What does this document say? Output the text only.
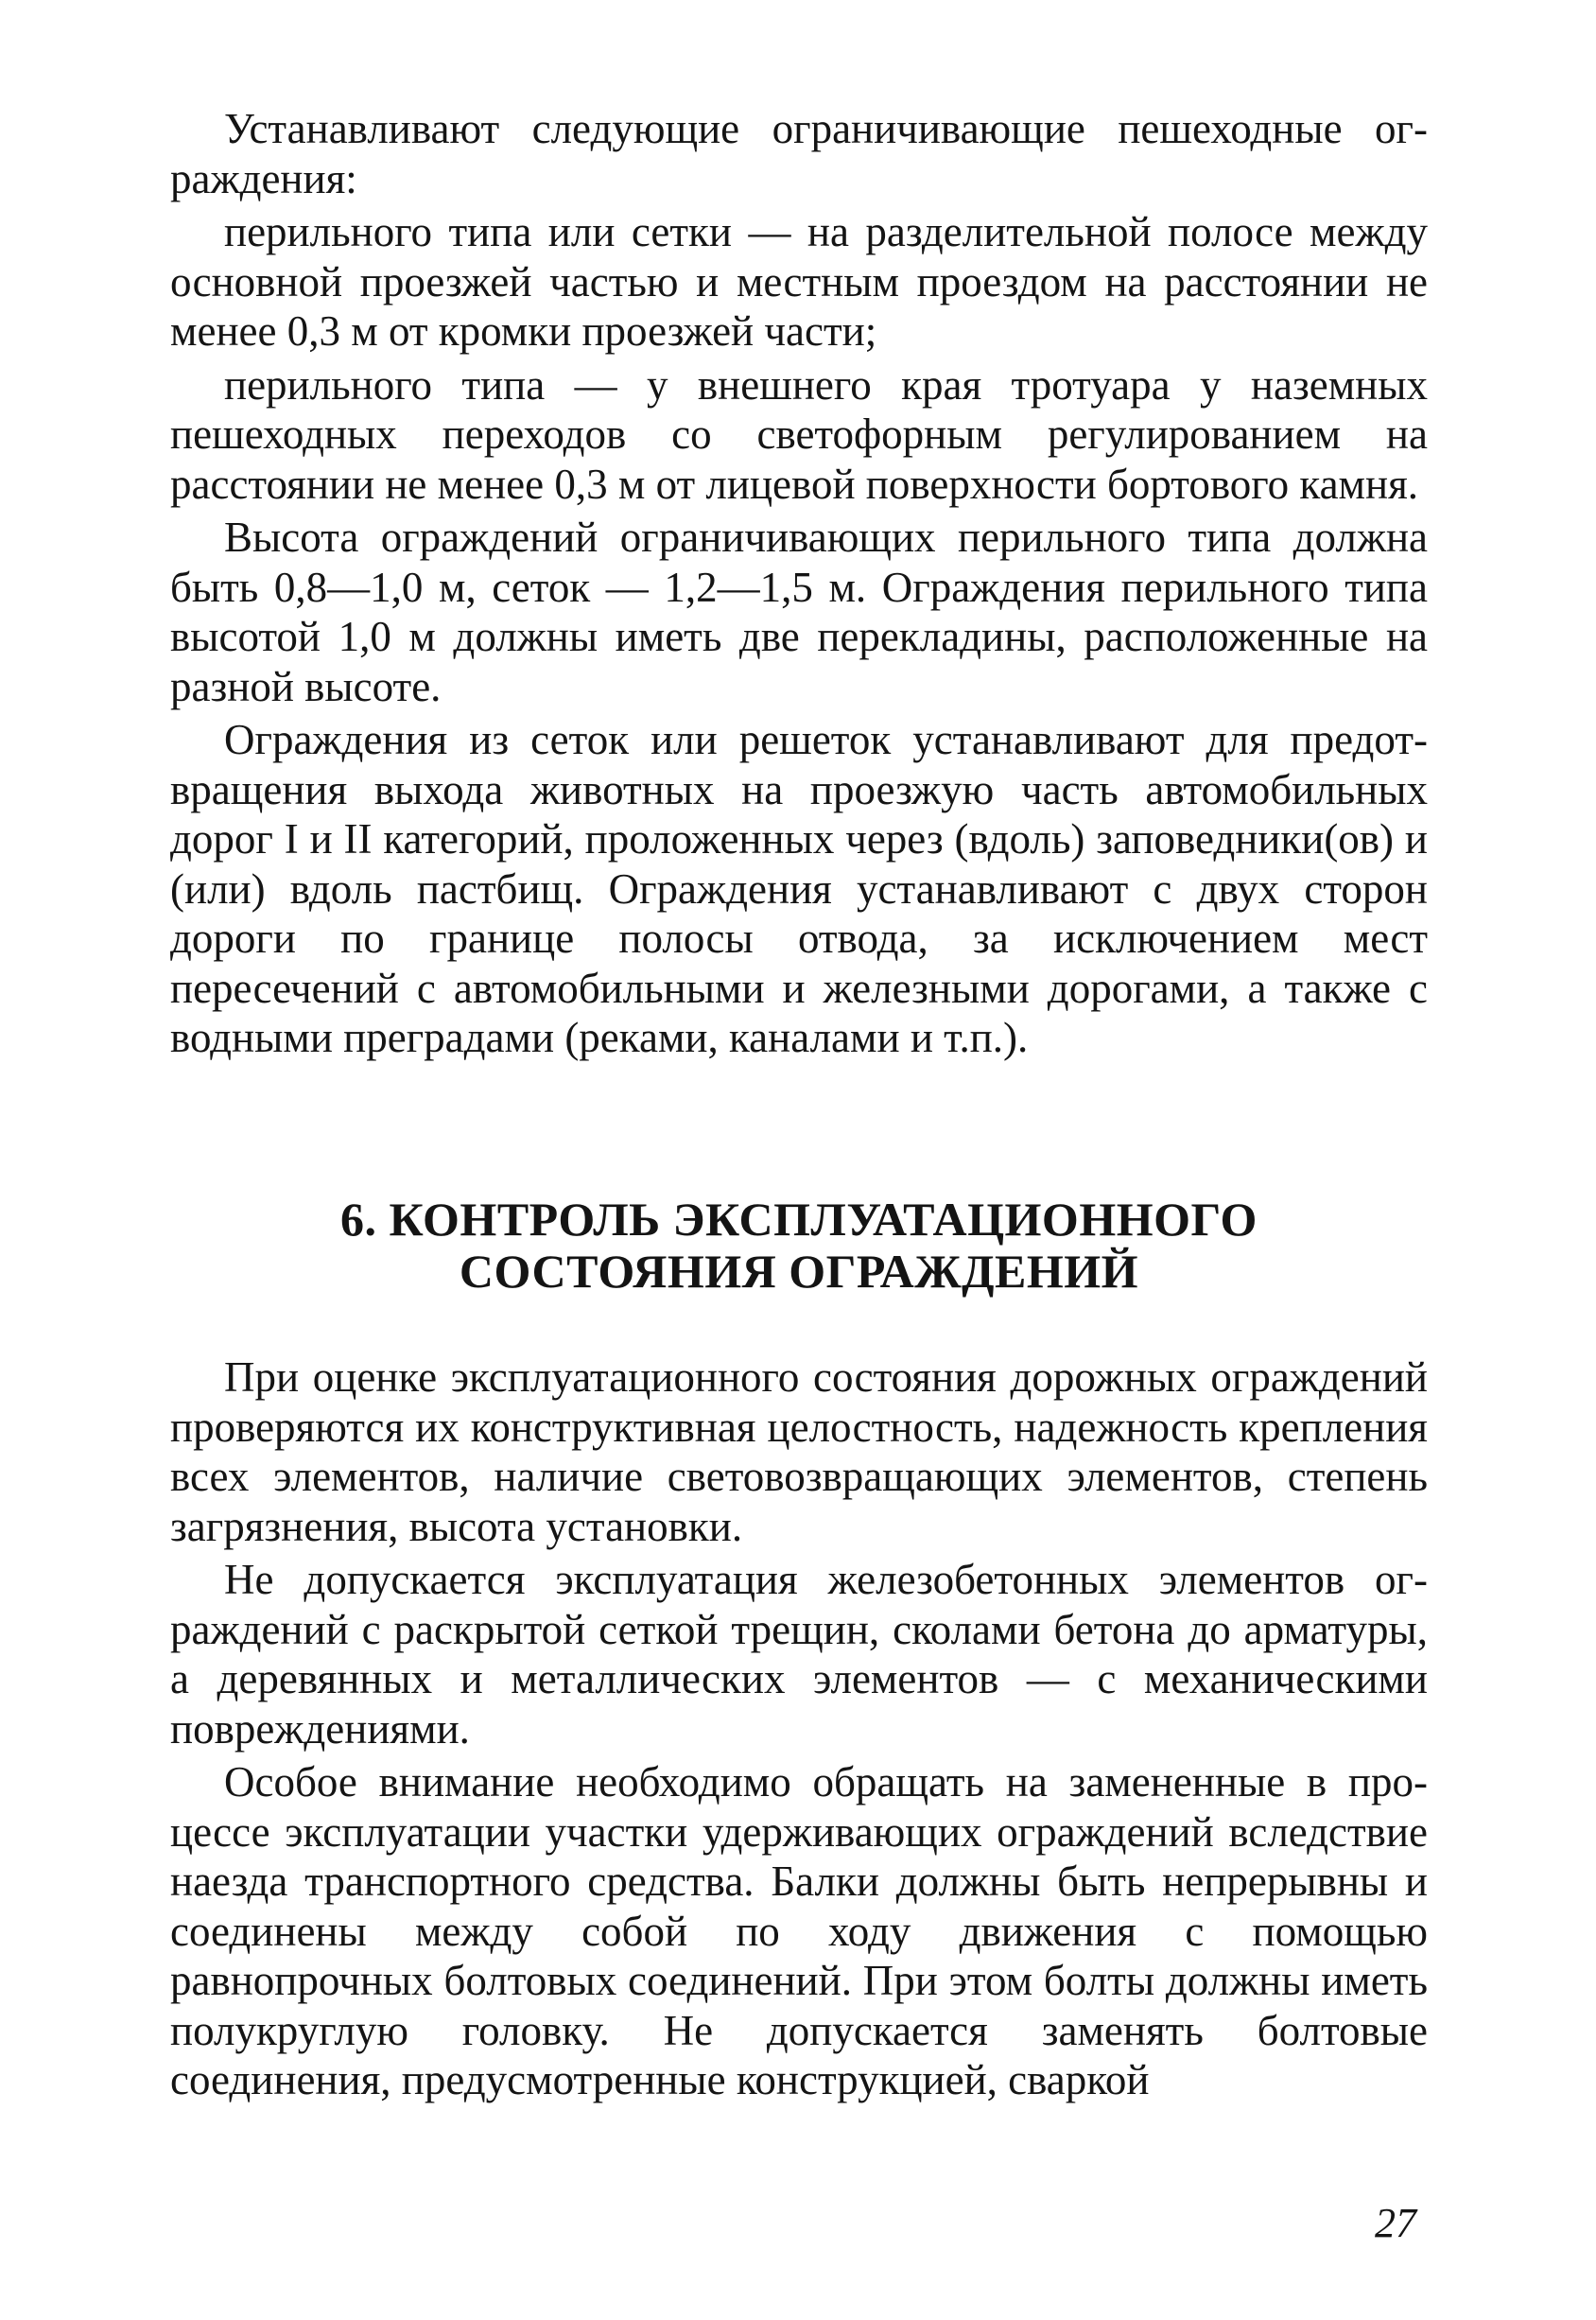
Устанавливают следующие ограничивающие пешеходные ограждения:

перильного типа или сетки — на разделительной полосе между основной проезжей частью и местным проездом на расстоянии не менее 0,3 м от кромки проезжей части;

перильного типа — у внешнего края тротуара у наземных пешеходных переходов со светофорным регулированием на расстоянии не менее 0,3 м от лицевой поверхности бортового камня.

Высота ограждений ограничивающих перильного типа должна быть 0,8—1,0 м, сеток — 1,2—1,5 м. Ограждения перильного типа высотой 1,0 м должны иметь две перекладины, расположенные на разной высоте.

Ограждения из сеток или решеток устанавливают для предотвращения выхода животных на проезжую часть автомобильных дорог I и II категорий, проложенных через (вдоль) заповедники(ов) и (или) вдоль пастбищ. Ограждения устанавливают с двух сторон дороги по границе полосы отвода, за исключением мест пересечений с автомобильными и железными дорогами, а также с водными преградами (реками, каналами и т.п.).

6. КОНТРОЛЬ ЭКСПЛУАТАЦИОННОГО
СОСТОЯНИЯ ОГРАЖДЕНИЙ

При оценке эксплуатационного состояния дорожных ограждений проверяются их конструктивная целостность, надежность крепления всех элементов, наличие световозвращающих элементов, степень загрязнения, высота установки.

Не допускается эксплуатация железобетонных элементов ограждений с раскрытой сеткой трещин, сколами бетона до арматуры, а деревянных и металлических элементов — с механическими повреждениями.

Особое внимание необходимо обращать на замененные в процессе эксплуатации участки удерживающих ограждений вследствие наезда транспортного средства. Балки должны быть непрерывны и соединены между собой по ходу движения с помощью равнопрочных болтовых соединений. При этом болты должны иметь полукруглую головку. Не допускается заменять болтовые соединения, предусмотренные конструкцией, сваркой

27
